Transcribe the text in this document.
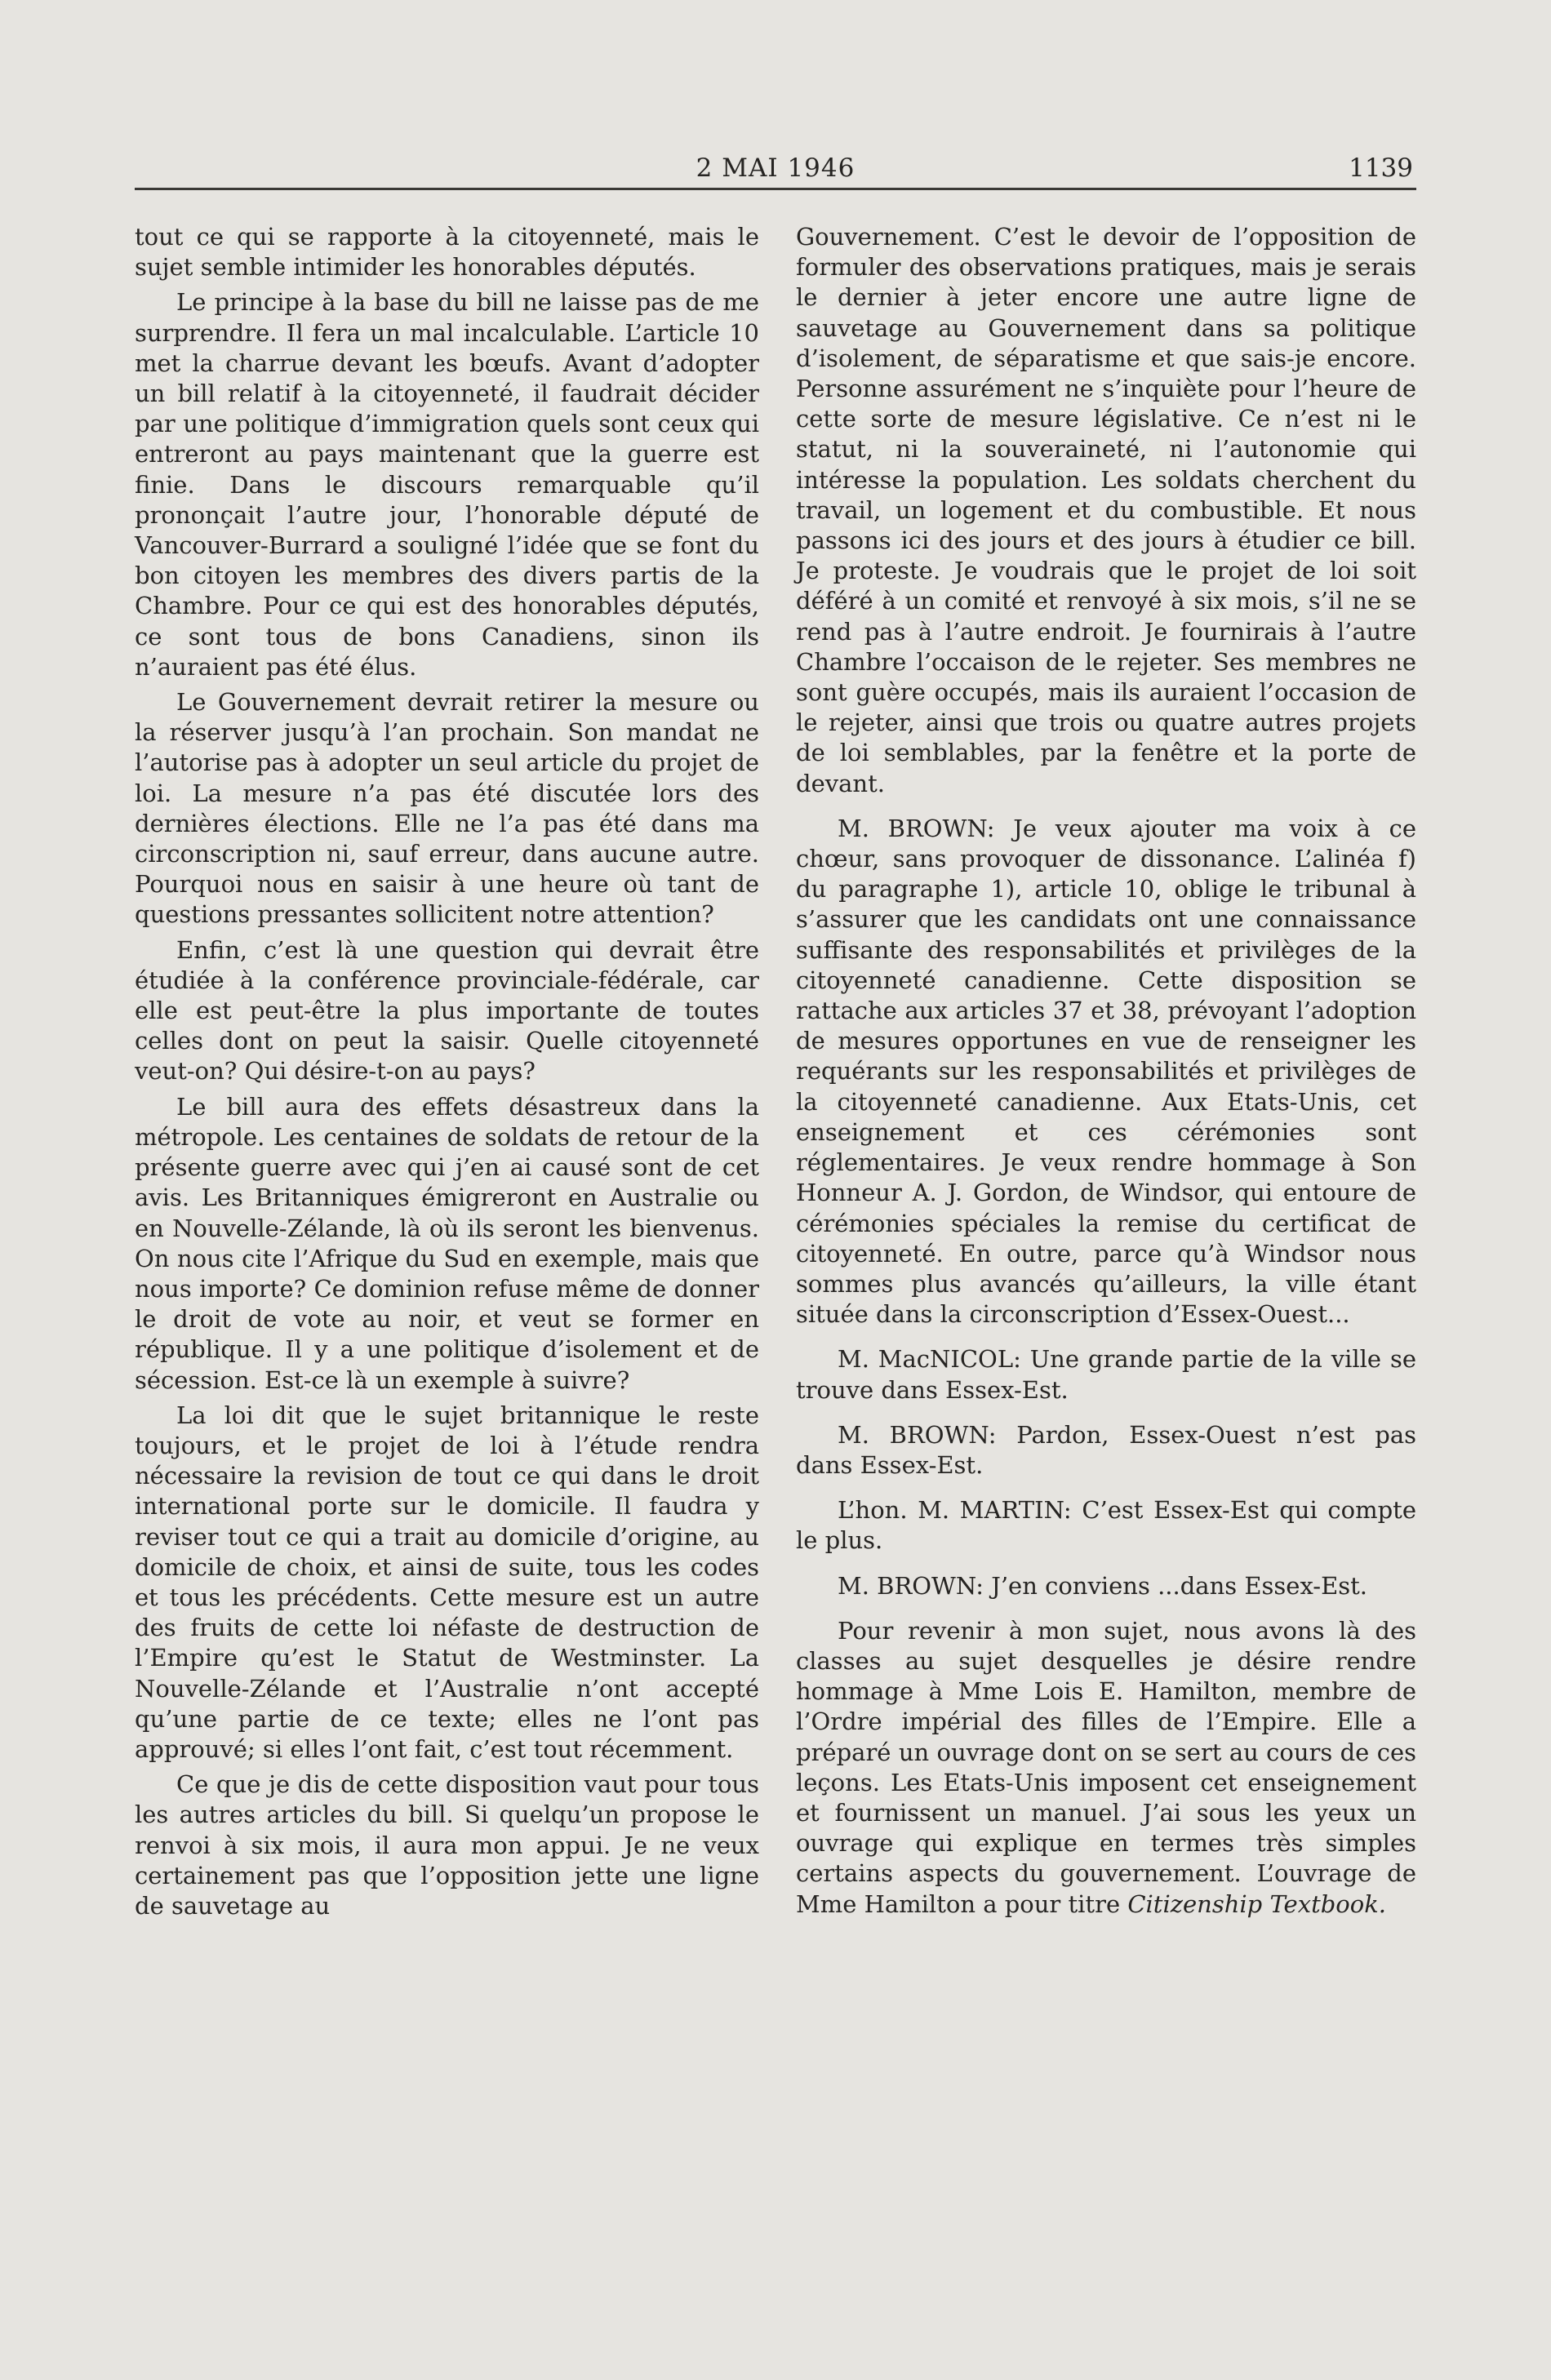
2 MAI 1946	1139

tout ce qui se rapporte à la citoyenneté, mais le sujet semble intimider les honorables députés.

Le principe à la base du bill ne laisse pas de me surprendre. Il fera un mal incalculable. L’article 10 met la charrue devant les bœufs. Avant d’adopter un bill relatif à la citoyenneté, il faudrait décider par une politique d’immigration quels sont ceux qui entreront au pays maintenant que la guerre est finie. Dans le discours remarquable qu’il prononçait l’autre jour, l’honorable député de Vancouver-Burrard a souligné l’idée que se font du bon citoyen les membres des divers partis de la Chambre. Pour ce qui est des honorables députés, ce sont tous de bons Canadiens, sinon ils n’auraient pas été élus.

Le Gouvernement devrait retirer la mesure ou la réserver jusqu’à l’an prochain. Son mandat ne l’autorise pas à adopter un seul article du projet de loi. La mesure n’a pas été discutée lors des dernières élections. Elle ne l’a pas été dans ma circonscription ni, sauf erreur, dans aucune autre. Pourquoi nous en saisir à une heure où tant de questions pressantes sollicitent notre attention?

Enfin, c’est là une question qui devrait être étudiée à la conférence provinciale-fédérale, car elle est peut-être la plus importante de toutes celles dont on peut la saisir. Quelle citoyenneté veut-on? Qui désire-t-on au pays?

Le bill aura des effets désastreux dans la métropole. Les centaines de soldats de retour de la présente guerre avec qui j’en ai causé sont de cet avis. Les Britanniques émigreront en Australie ou en Nouvelle-Zélande, là où ils seront les bienvenus. On nous cite l’Afrique du Sud en exemple, mais que nous importe? Ce dominion refuse même de donner le droit de vote au noir, et veut se former en république. Il y a une politique d’isolement et de sécession. Est-ce là un exemple à suivre?

La loi dit que le sujet britannique le reste toujours, et le projet de loi à l’étude rendra nécessaire la revision de tout ce qui dans le droit international porte sur le domicile. Il faudra y reviser tout ce qui a trait au domicile d’origine, au domicile de choix, et ainsi de suite, tous les codes et tous les précédents. Cette mesure est un autre des fruits de cette loi néfaste de destruction de l’Empire qu’est le Statut de Westminster. La Nouvelle-Zélande et l’Australie n’ont accepté qu’une partie de ce texte; elles ne l’ont pas approuvé; si elles l’ont fait, c’est tout récemment.

Ce que je dis de cette disposition vaut pour tous les autres articles du bill. Si quelqu’un propose le renvoi à six mois, il aura mon appui. Je ne veux certainement pas que l’opposition jette une ligne de sauvetage au

Gouvernement. C’est le devoir de l’opposition de formuler des observations pratiques, mais je serais le dernier à jeter encore une autre ligne de sauvetage au Gouvernement dans sa politique d’isolement, de séparatisme et que sais-je encore. Personne assurément ne s’inquiète pour l’heure de cette sorte de mesure législative. Ce n’est ni le statut, ni la souveraineté, ni l’autonomie qui intéresse la population. Les soldats cherchent du travail, un logement et du combustible. Et nous passons ici des jours et des jours à étudier ce bill. Je proteste. Je voudrais que le projet de loi soit déféré à un comité et renvoyé à six mois, s’il ne se rend pas à l’autre endroit. Je fournirais à l’autre Chambre l’occaison de le rejeter. Ses membres ne sont guère occupés, mais ils auraient l’occasion de le rejeter, ainsi que trois ou quatre autres projets de loi semblables, par la fenêtre et la porte de devant.

M. BROWN: Je veux ajouter ma voix à ce chœur, sans provoquer de dissonance. L’alinéa f) du paragraphe 1), article 10, oblige le tribunal à s’assurer que les candidats ont une connaissance suffisante des responsabilités et privilèges de la citoyenneté canadienne. Cette disposition se rattache aux articles 37 et 38, prévoyant l’adoption de mesures opportunes en vue de renseigner les requérants sur les responsabilités et privilèges de la citoyenneté canadienne. Aux Etats-Unis, cet enseignement et ces cérémonies sont réglementaires. Je veux rendre hommage à Son Honneur A. J. Gordon, de Windsor, qui entoure de cérémonies spéciales la remise du certificat de citoyenneté. En outre, parce qu’à Windsor nous sommes plus avancés qu’ailleurs, la ville étant située dans la circonscription d’Essex-Ouest...

M. MacNICOL: Une grande partie de la ville se trouve dans Essex-Est.

M. BROWN: Pardon, Essex-Ouest n’est pas dans Essex-Est.

L’hon. M. MARTIN: C’est Essex-Est qui compte le plus.

M. BROWN: J’en conviens ...dans Essex-Est.

Pour revenir à mon sujet, nous avons là des classes au sujet desquelles je désire rendre hommage à Mme Lois E. Hamilton, membre de l’Ordre impérial des filles de l’Empire. Elle a préparé un ouvrage dont on se sert au cours de ces leçons. Les Etats-Unis imposent cet enseignement et fournissent un manuel. J’ai sous les yeux un ouvrage qui explique en termes très simples certains aspects du gouvernement. L’ouvrage de Mme Hamilton a pour titre Citizenship Textbook.
